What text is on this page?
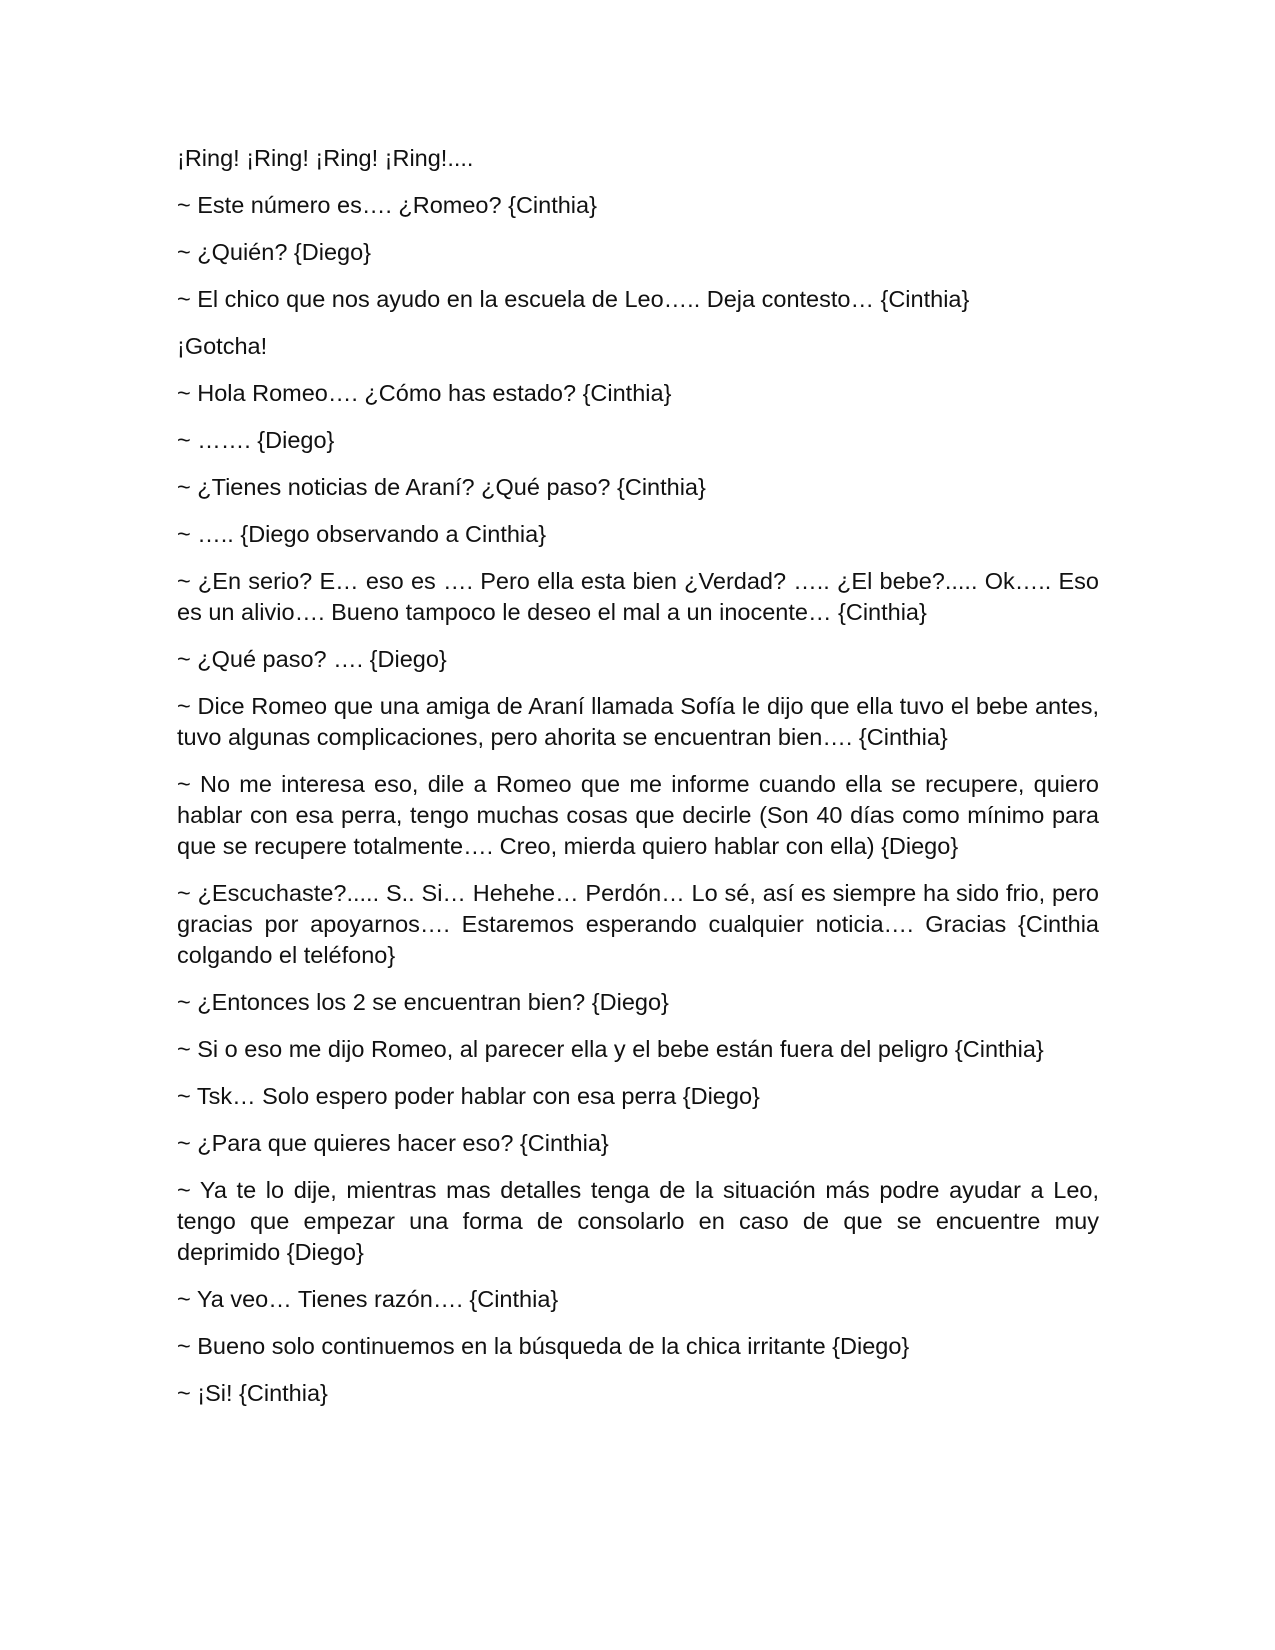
¡Ring! ¡Ring! ¡Ring! ¡Ring!....

~ Este número es…. ¿Romeo? {Cinthia}

~ ¿Quién? {Diego}

~ El chico que nos ayudo en la escuela de Leo….. Deja contesto… {Cinthia}

¡Gotcha!

~ Hola Romeo…. ¿Cómo has estado? {Cinthia}

~ ……. {Diego}

~ ¿Tienes noticias de Araní? ¿Qué paso? {Cinthia}

~ ….. {Diego observando a Cinthia}

~ ¿En serio? E… eso es …. Pero ella esta bien ¿Verdad? ….. ¿El bebe?..... Ok….. Eso es un alivio…. Bueno tampoco le deseo el mal a un inocente… {Cinthia}

~ ¿Qué paso? …. {Diego}

~ Dice Romeo que una amiga de Araní llamada Sofía le dijo que ella tuvo el bebe antes, tuvo algunas complicaciones, pero ahorita se encuentran bien…. {Cinthia}

~ No me interesa eso, dile a Romeo que me informe cuando ella se recupere, quiero hablar con esa perra, tengo muchas cosas que decirle (Son 40 días como mínimo para que se recupere totalmente…. Creo, mierda quiero hablar con ella) {Diego}

~ ¿Escuchaste?..... S.. Si… Hehehe… Perdón… Lo sé, así es siempre ha sido frio, pero gracias por apoyarnos…. Estaremos esperando cualquier noticia…. Gracias {Cinthia colgando el teléfono}

~ ¿Entonces los 2 se encuentran bien? {Diego}

~ Si o eso me dijo Romeo, al parecer ella y el bebe están fuera del peligro {Cinthia}

~ Tsk… Solo espero poder hablar con esa perra {Diego}

~ ¿Para que quieres hacer eso? {Cinthia}

~ Ya te lo dije, mientras mas detalles tenga de la situación más podre ayudar a Leo, tengo que empezar una forma de consolarlo en caso de que se encuentre muy deprimido {Diego}

~ Ya veo… Tienes razón…. {Cinthia}

~ Bueno solo continuemos en la búsqueda de la chica irritante {Diego}

~ ¡Si! {Cinthia}
